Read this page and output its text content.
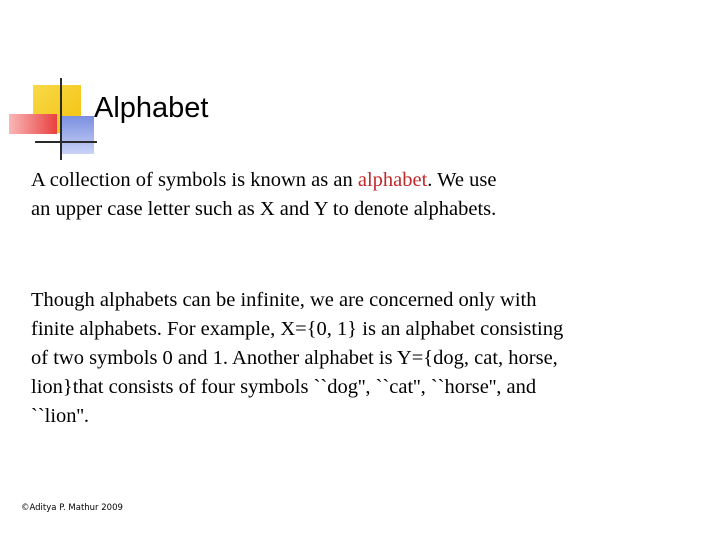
Alphabet

A collection of symbols is known as an alphabet. We use

an upper case letter such as X and Y to denote alphabets.

Though alphabets can be infinite, we are concerned only with

finite alphabets. For example, X={0, 1} is an alphabet consisting

of two symbols 0 and 1. Another alphabet is Y={dog, cat, horse,

lion}that consists of four symbols ``dog'', ``cat'', ``horse'', and

``lion''.

©Aditya P. Mathur 2009
